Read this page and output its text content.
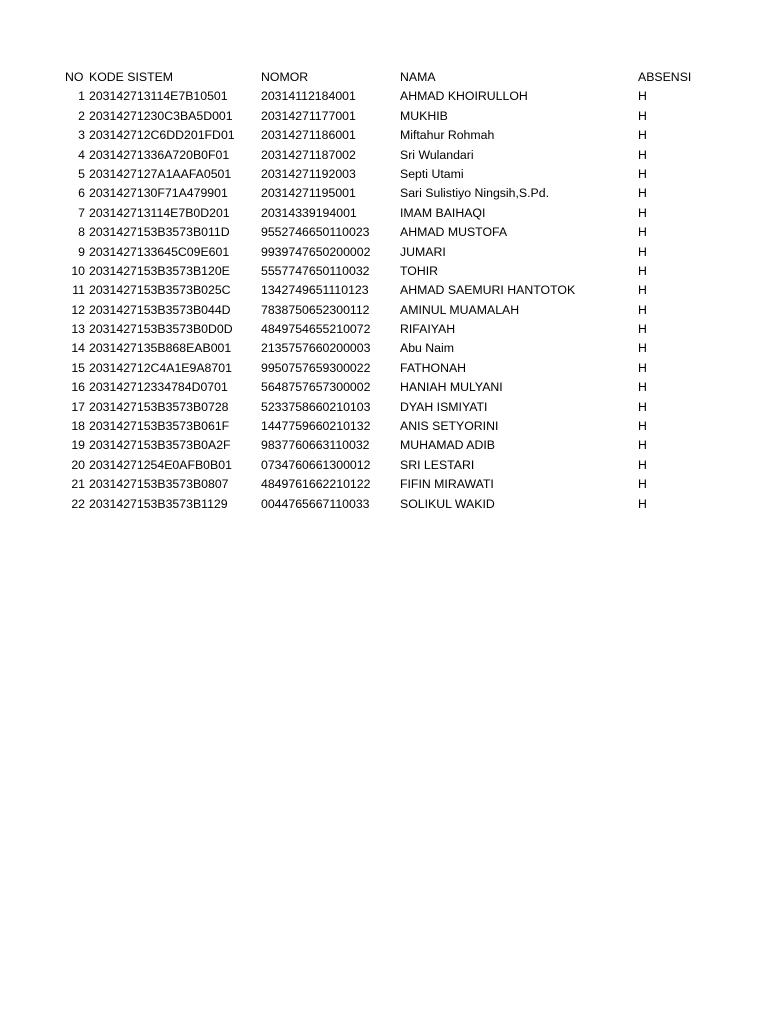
NO KODE SISTEM	NOMOR	NAMA	ABSENSI
1 203142713114E7B10501	20314112184001	AHMAD KHOIRULLOH	H
2 20314271230C3BA5D001 20314271177001	MUKHIB	H
3 203142712C6DD201FD01 20314271186001	Miftahur Rohmah	H
4 20314271336A720B0F01	20314271187002	Sri Wulandari	H
5 2031427127A1AAFA0501 20314271192003	Septi Utami	H
6 2031427130F71A479901	20314271195001	Sari Sulistiyo Ningsih,S.Pd.	H
7 203142713114E7B0D201	20314339194001	IMAM BAIHAQI	H
8 2031427153B3573B011D	9552746650110023 AHMAD MUSTOFA	H
9 2031427133645C09E601	9939747650200002 JUMARI	H
10 2031427153B3573B120E	5557747650110032 TOHIR	H
11 2031427153B3573B025C 1342749651110123	AHMAD SAEMURI HANTOTOK	H
12 2031427153B3573B044D 7838750652300112 AMINUL MUAMALAH	H
13 2031427153B3573B0D0D 4849754655210072 RIFAIYAH	H
14 2031427135B868EAB001 2135757660200003 Abu Naim	H
15 203142712C4A1E9A8701 9950757659300022 FATHONAH	H
16 203142712334784D0701	5648757657300002 HANIAH MULYANI	H
17 2031427153B3573B0728	5233758660210103 DYAH ISMIYATI	H
18 2031427153B3573B061F	1447759660210132 ANIS SETYORINI	H
19 2031427153B3573B0A2F 9837760663110032 MUHAMAD ADIB	H
20 20314271254E0AFB0B01 0734760661300012 SRI LESTARI	H
21 2031427153B3573B0807	4849761662210122 FIFIN MIRAWATI	H
22 2031427153B3573B1129	0044765667110033 SOLIKUL WAKID	H
